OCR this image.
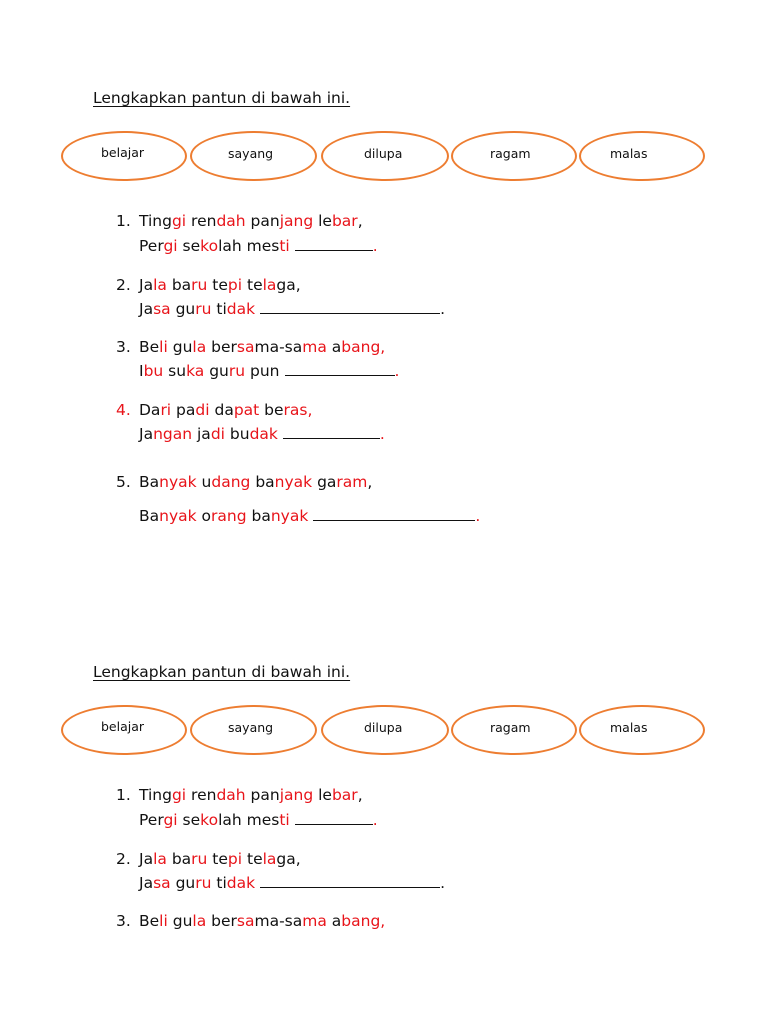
Lengkapkan pantun di bawah ini.
belajar	sayang	dilupa	ragam	malas
1. Tinggi rendah panjang lebar,
Pergi sekolah mesti	.
2. Jala baru tepi telaga,
Jasa guru tidak	.
3. Beli gula bersama-sama abang,
Ibu suka guru pun	.
4. Dari padi dapat beras,
Jangan jadi budak	.
5. Banyak udang banyak garam,
Banyak orang banyak	.
Lengkapkan pantun di bawah ini.
belajar	sayang	dilupa	ragam	malas
1. Tinggi rendah panjang lebar,
Pergi sekolah mesti	.
2. Jala baru tepi telaga,
Jasa guru tidak	.
3. Beli gula bersama-sama abang,
